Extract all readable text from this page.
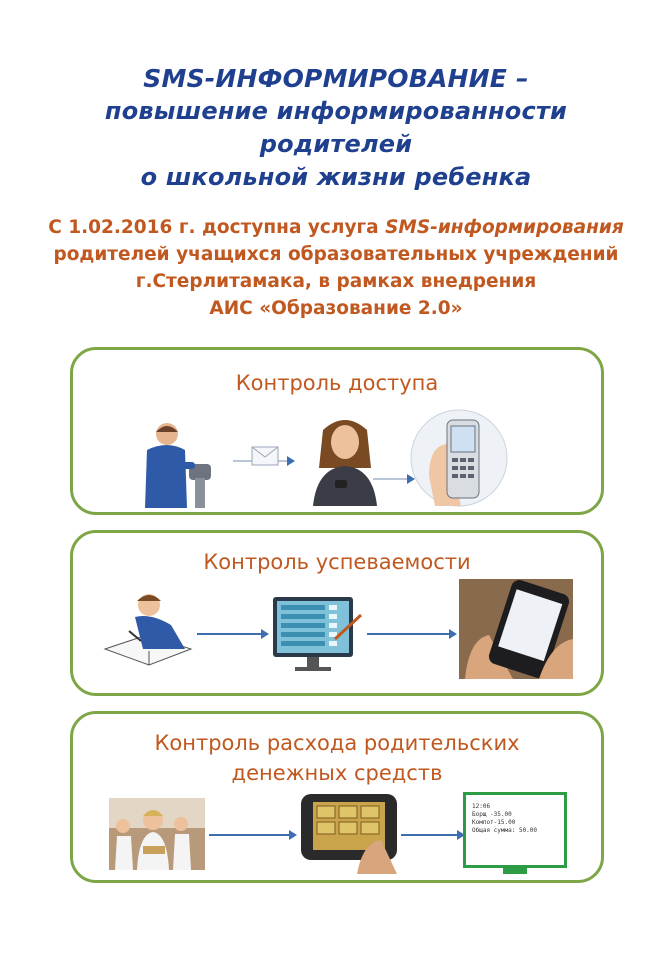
SMS-ИНФОРМИРОВАНИЕ –
повышение информированности
родителей
о школьной жизни ребенка
С 1.02.2016 г. доступна услуга SMS-информирования
родителей учащихся образовательных учреждений
г.Стерлитамака, в рамках внедрения
АИС «Образование 2.0»
Контроль доступа
Контроль успеваемости
Контроль расхода родительских
денежных средств
12:06
Борщ -35.00
Компот-15.00
Общая сумма: 50.00
